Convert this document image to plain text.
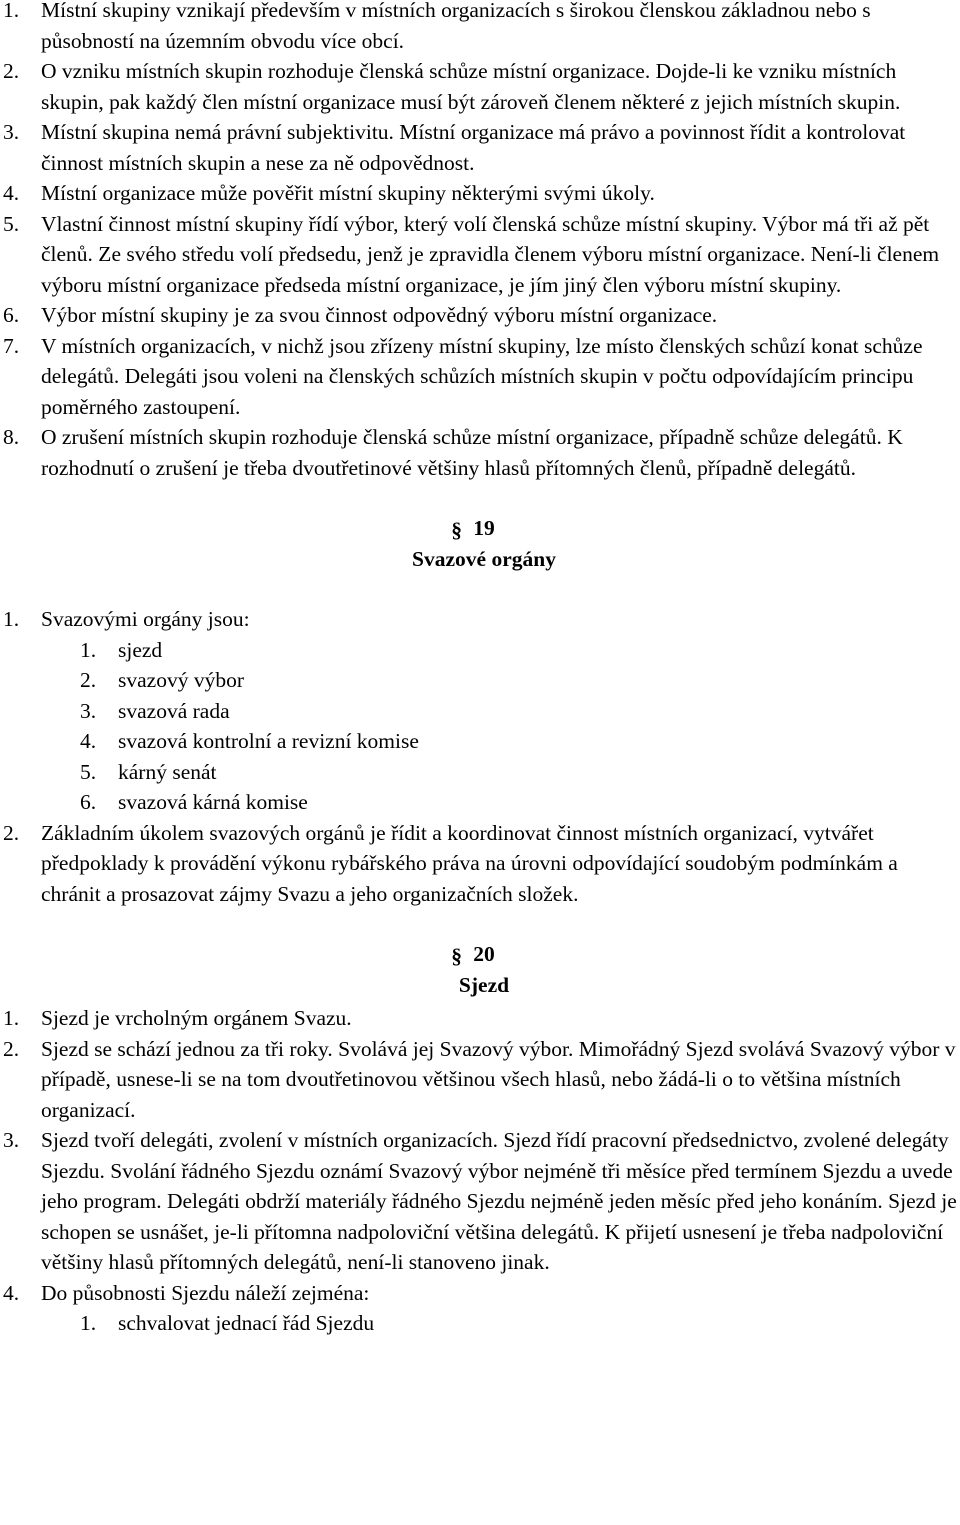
1. Místní skupiny vznikají především v místních organizacích s širokou členskou základnou nebo s působností na územním obvodu více obcí.
2. O vzniku místních skupin rozhoduje členská schůze místní organizace. Dojde-li ke vzniku místních skupin, pak každý člen místní organizace musí být zároveň členem některé z jejich místních skupin.
3. Místní skupina nemá právní subjektivitu. Místní organizace má právo a povinnost řídit a kontrolovat činnost místních skupin a nese za ně odpovědnost.
4. Místní organizace může pověřit místní skupiny některými svými úkoly.
5. Vlastní činnost místní skupiny řídí výbor, který volí členská schůze místní skupiny. Výbor má tři až pět členů. Ze svého středu volí předsedu, jenž je zpravidla členem výboru místní organizace. Není-li členem výboru místní organizace předseda místní organizace, je jím jiný člen výboru místní skupiny.
6. Výbor místní skupiny je za svou činnost odpovědný výboru místní organizace.
7. V místních organizacích, v nichž jsou zřízeny místní skupiny, lze místo členských schůzí konat schůze delegátů. Delegáti jsou voleni na členských schůzích místních skupin v počtu odpovídajícím principu poměrného zastoupení.
8. O zrušení místních skupin rozhoduje členská schůze místní organizace, případně schůze delegátů. K rozhodnutí o zrušení je třeba dvoutřetinové většiny hlasů přítomných členů, případně delegátů.
§ 19
Svazové orgány
1. Svazovými orgány jsou:
1. sjezd
2. svazový výbor
3. svazová rada
4. svazová kontrolní a revizní komise
5. kárný senát
6. svazová kárná komise
2. Základním úkolem svazových orgánů je řídit a koordinovat činnost místních organizací, vytvářet předpoklady k provádění výkonu rybářského práva na úrovni odpovídající soudobým podmínkám a chránit a prosazovat zájmy Svazu a jeho organizačních složek.
§ 20
Sjezd
1. Sjezd je vrcholným orgánem Svazu.
2. Sjezd se schází jednou za tři roky. Svolává jej Svazový výbor. Mimořádný Sjezd svolává Svazový výbor v případě, usnese-li se na tom dvoutřetinovou většinou všech hlasů, nebo žádá-li o to většina místních organizací.
3. Sjezd tvoří delegáti, zvolení v místních organizacích. Sjezd řídí pracovní předsednictvo, zvolené delegáty Sjezdu. Svolání řádného Sjezdu oznámí Svazový výbor nejméně tři měsíce před termínem Sjezdu a uvede jeho program. Delegáti obdrží materiály řádného Sjezdu nejméně jeden měsíc před jeho konáním. Sjezd je schopen se usnášet, je-li přítomna nadpoloviční většina delegátů. K přijetí usnesení je třeba nadpoloviční většiny hlasů přítomných delegátů, není-li stanoveno jinak.
4. Do působnosti Sjezdu náleží zejména:
1. schvalovat jednací řád Sjezdu
